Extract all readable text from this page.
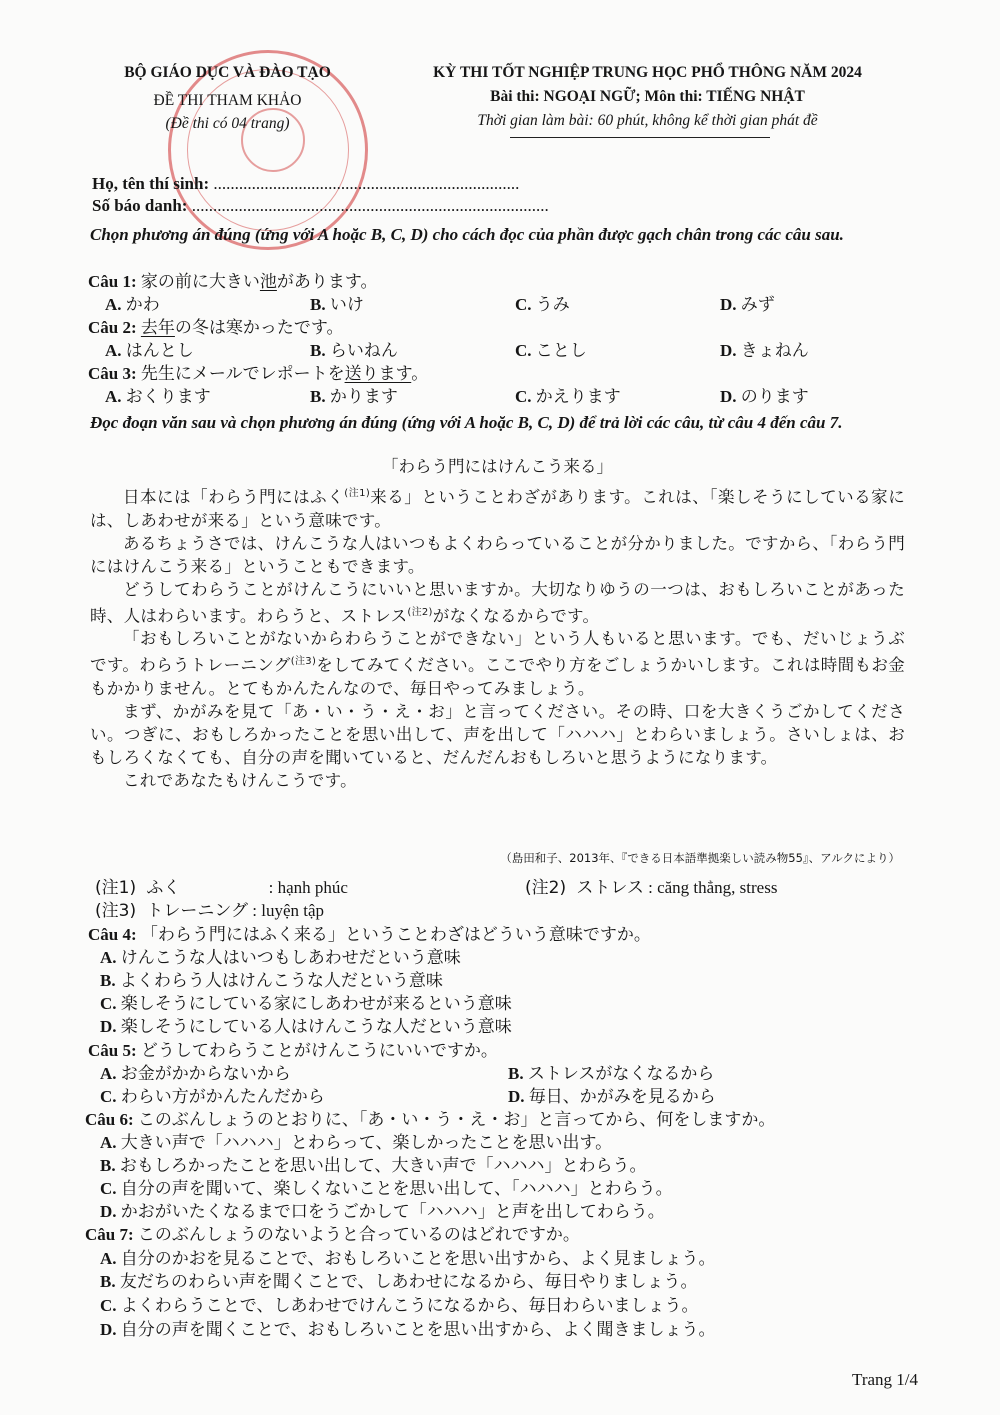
BỘ GIÁO DỤC VÀ ĐÀO TẠO
ĐỀ THI THAM KHẢO
(Đề thi có 04 trang)
KỲ THI TỐT NGHIỆP TRUNG HỌC PHỔ THÔNG NĂM 2024
Bài thi: NGOẠI NGỮ; Môn thi: TIẾNG NHẬT
Thời gian làm bài: 60 phút, không kể thời gian phát đề
Họ, tên thí sinh: ........................................................................
Số báo danh: ....................................................................................
Chọn phương án đúng (ứng với A hoặc B, C, D) cho cách đọc của phần được gạch chân trong các câu sau.
Câu 1: 家の前に大きい池があります。
A. かわ	B. いけ	C. うみ	D. みず
Câu 2: 去年の冬は寒かったです。
A. はんとし	B. らいねん	C. ことし	D. きょねん
Câu 3: 先生にメールでレポートを送ります。
A. おくります	B. かります	C. かえります	D. のります
Đọc đoạn văn sau và chọn phương án đúng (ứng với A hoặc B, C, D) để trả lời các câu, từ câu 4 đến câu 7.
「わらう門にはけんこう来る」
日本には「わらう門にはふく$^{(注1)}$来る」ということわざがあります。これは、「楽しそうにしている家には、しあわせが来る」という意味です。
あるちょうさでは、けんこうな人はいつもよくわらっていることが分かりました。ですから、「わらう門にはけんこう来る」ということもできます。
どうしてわらうことがけんこうにいいと思いますか。大切なりゆうの一つは、おもしろいことがあった時、人はわらいます。わらうと、ストレス$^{(注2)}$がなくなるからです。
「おもしろいことがないからわらうことができない」という人もいると思います。でも、だいじょうぶです。わらうトレーニング$^{(注3)}$をしてみてください。ここでやり方をごしょうかいします。これは時間もお金もかかりません。とてもかんたんなので、毎日やってみましょう。
まず、かがみを見て「あ・い・う・え・お」と言ってください。その時、口を大きくうごかしてください。つぎに、おもしろかったことを思い出して、声を出して「ハハハ」とわらいましょう。さいしょは、おもしろくなくても、自分の声を聞いていると、だんだんおもしろいと思うようになります。
これであなたもけんこうです。
（島田和子、2013年、『できる日本語準拠楽しい読み物55』、アルクにより）
(注1) ふく	: hạnh phúc	(注2) ストレス : căng thẳng, stress
(注3) トレーニング : luyện tập
Câu 4: 「わらう門にはふく来る」ということわざはどういう意味ですか。
A. けんこうな人はいつもしあわせだという意味
B. よくわらう人はけんこうな人だという意味
C. 楽しそうにしている家にしあわせが来るという意味
D. 楽しそうにしている人はけんこうな人だという意味
Câu 5: どうしてわらうことがけんこうにいいですか。
A. お金がかからないから	B. ストレスがなくなるから
C. わらい方がかんたんだから	D. 毎日、かがみを見るから
Câu 6: このぶんしょうのとおりに、「あ・い・う・え・お」と言ってから、何をしますか。
A. 大きい声で「ハハハ」とわらって、楽しかったことを思い出す。
B. おもしろかったことを思い出して、大きい声で「ハハハ」とわらう。
C. 自分の声を聞いて、楽しくないことを思い出して、「ハハハ」とわらう。
D. かおがいたくなるまで口をうごかして「ハハハ」と声を出してわらう。
Câu 7: このぶんしょうのないようと合っているのはどれですか。
A. 自分のかおを見ることで、おもしろいことを思い出すから、よく見ましょう。
B. 友だちのわらい声を聞くことで、しあわせになるから、毎日やりましょう。
C. よくわらうことで、しあわせでけんこうになるから、毎日わらいましょう。
D. 自分の声を聞くことで、おもしろいことを思い出すから、よく聞きましょう。
Trang 1/4
